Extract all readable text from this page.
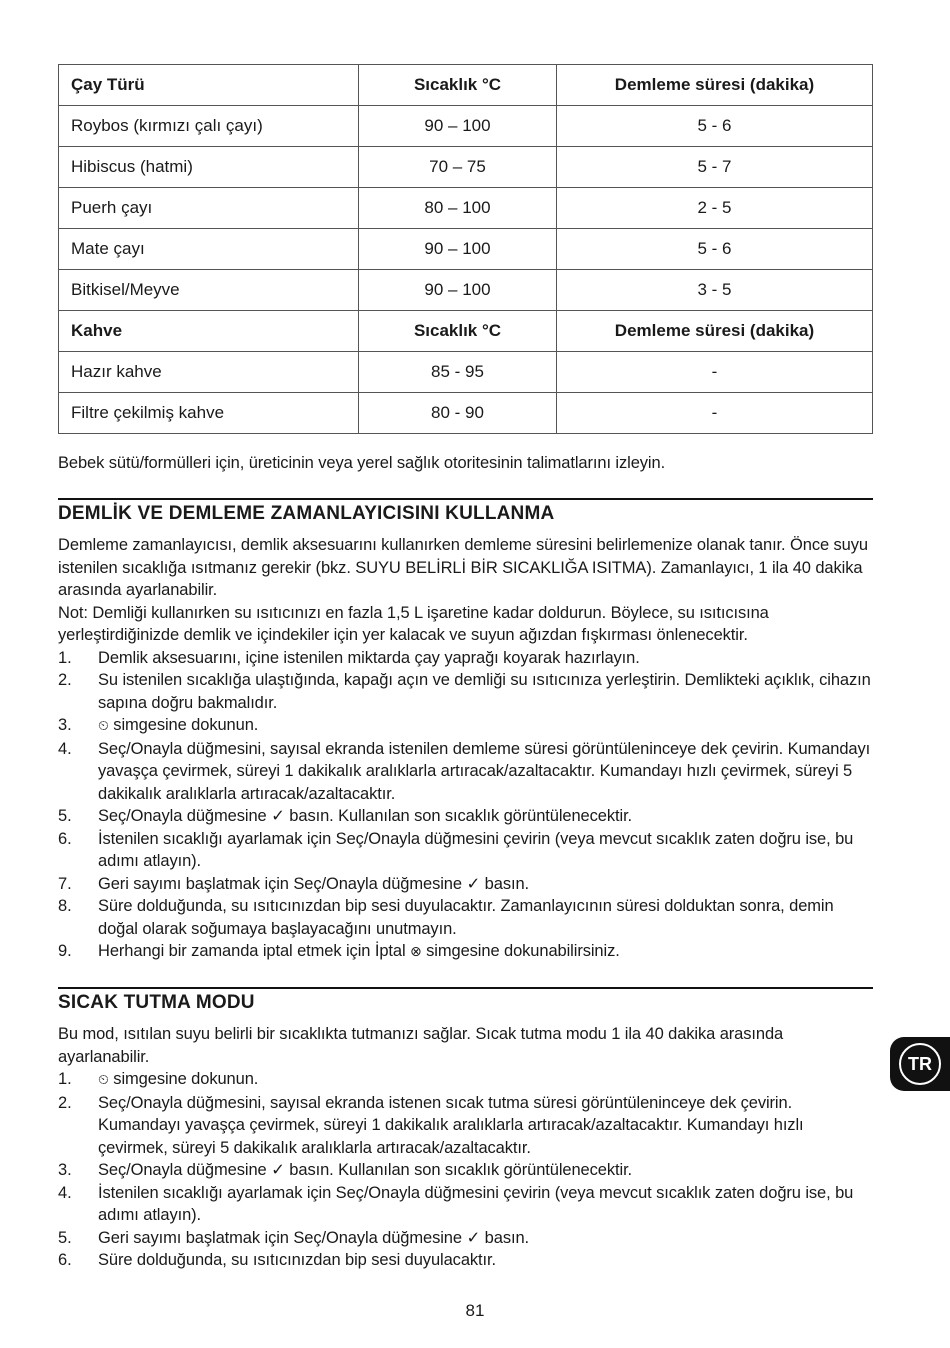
Çay Türü	Sıcaklık °C	Demleme süresi (dakika)
Roybos (kırmızı çalı çayı)	90 – 100	5 - 6
Hibiscus (hatmi)	70 – 75	5 - 7
Puerh çayı	80 – 100	2 - 5
Mate çayı	90 – 100	5 - 6
Bitkisel/Meyve	90 – 100	3 - 5
Kahve	Sıcaklık °C	Demleme süresi (dakika)
Hazır kahve	85 - 95	-
Filtre çekilmiş kahve	80 - 90	-
Bebek sütü/formülleri için, üreticinin veya yerel sağlık otoritesinin talimatlarını izleyin.
DEMLİK VE DEMLEME ZAMANLAYICISINI KULLANMA

Demleme zamanlayıcısı, demlik aksesuarını kullanırken demleme süresini belirlemenize olanak tanır. Önce suyu istenilen sıcaklığa ısıtmanız gerekir (bkz. SUYU BELİRLİ BİR SICAKLIĞA ISITMA). Zamanlayıcı, 1 ila 40 dakika arasında ayarlanabilir.

Not: Demliği kullanırken su ısıtıcınızı en fazla 1,5 L işaretine kadar doldurun. Böylece, su ısıtıcısına yerleştirdiğinizde demlik ve içindekiler için yer kalacak ve suyun ağızdan fışkırması önlenecektir.

1. Demlik aksesuarını, içine istenilen miktarda çay yaprağı koyarak hazırlayın.
2. Su istenilen sıcaklığa ulaştığında, kapağı açın ve demliği su ısıtıcınıza yerleştirin. Demlikteki açıklık, cihazın sapına doğru bakmalıdır.
3. ⏲ simgesine dokunun.
4. Seç/Onayla düğmesini, sayısal ekranda istenilen demleme süresi görüntüleninceye dek çevirin. Kumandayı yavaşça çevirmek, süreyi 1 dakikalık aralıklarla artıracak/azaltacaktır. Kumandayı hızlı çevirmek, süreyi 5 dakikalık aralıklarla artıracak/azaltacaktır.
5. Seç/Onayla düğmesine ✓ basın. Kullanılan son sıcaklık görüntülenecektir.
6. İstenilen sıcaklığı ayarlamak için Seç/Onayla düğmesini çevirin (veya mevcut sıcaklık zaten doğru ise, bu adımı atlayın).
7. Geri sayımı başlatmak için Seç/Onayla düğmesine ✓ basın.
8. Süre dolduğunda, su ısıtıcınızdan bip sesi duyulacaktır. Zamanlayıcının süresi dolduktan sonra, demin doğal olarak soğumaya başlayacağını unutmayın.
9. Herhangi bir zamanda iptal etmek için İptal ⊗ simgesine dokunabilirsiniz.
SICAK TUTMA MODU

Bu mod, ısıtılan suyu belirli bir sıcaklıkta tutmanızı sağlar. Sıcak tutma modu 1 ila 40 dakika arasında ayarlanabilir.

1. ⏲ simgesine dokunun.
2. Seç/Onayla düğmesini, sayısal ekranda istenen sıcak tutma süresi görüntüleninceye dek çevirin. Kumandayı yavaşça çevirmek, süreyi 1 dakikalık aralıklarla artıracak/azaltacaktır. Kumandayı hızlı çevirmek, süreyi 5 dakikalık aralıklarla artıracak/azaltacaktır.
3. Seç/Onayla düğmesine ✓ basın. Kullanılan son sıcaklık görüntülenecektir.
4. İstenilen sıcaklığı ayarlamak için Seç/Onayla düğmesini çevirin (veya mevcut sıcaklık zaten doğru ise, bu adımı atlayın).
5. Geri sayımı başlatmak için Seç/Onayla düğmesine ✓ basın.
6. Süre dolduğunda, su ısıtıcınızdan bip sesi duyulacaktır.
TR
81
